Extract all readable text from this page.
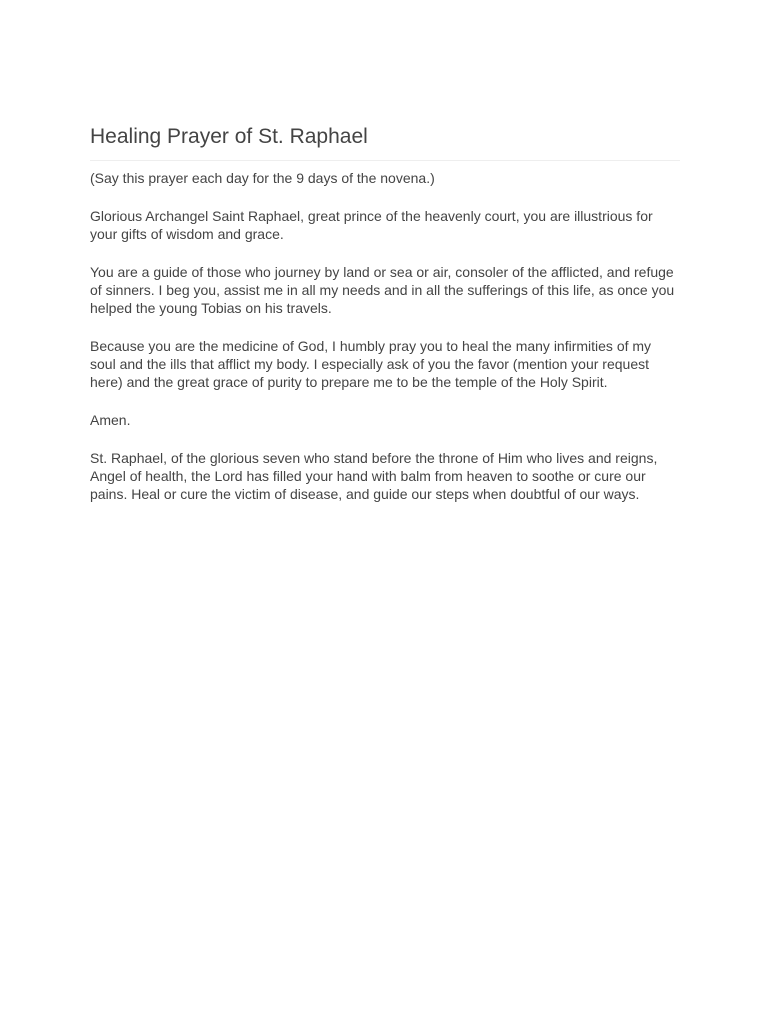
Healing Prayer of St. Raphael

(Say this prayer each day for the 9 days of the novena.)

Glorious Archangel Saint Raphael, great prince of the heavenly court, you are illustrious for your gifts of wisdom and grace.

You are a guide of those who journey by land or sea or air, consoler of the afflicted, and refuge of sinners. I beg you, assist me in all my needs and in all the sufferings of this life, as once you helped the young Tobias on his travels.

Because you are the medicine of God, I humbly pray you to heal the many infirmities of my soul and the ills that afflict my body. I especially ask of you the favor (mention your request here) and the great grace of purity to prepare me to be the temple of the Holy Spirit.

Amen.

St. Raphael, of the glorious seven who stand before the throne of Him who lives and reigns, Angel of health, the Lord has filled your hand with balm from heaven to soothe or cure our pains. Heal or cure the victim of disease, and guide our steps when doubtful of our ways.
